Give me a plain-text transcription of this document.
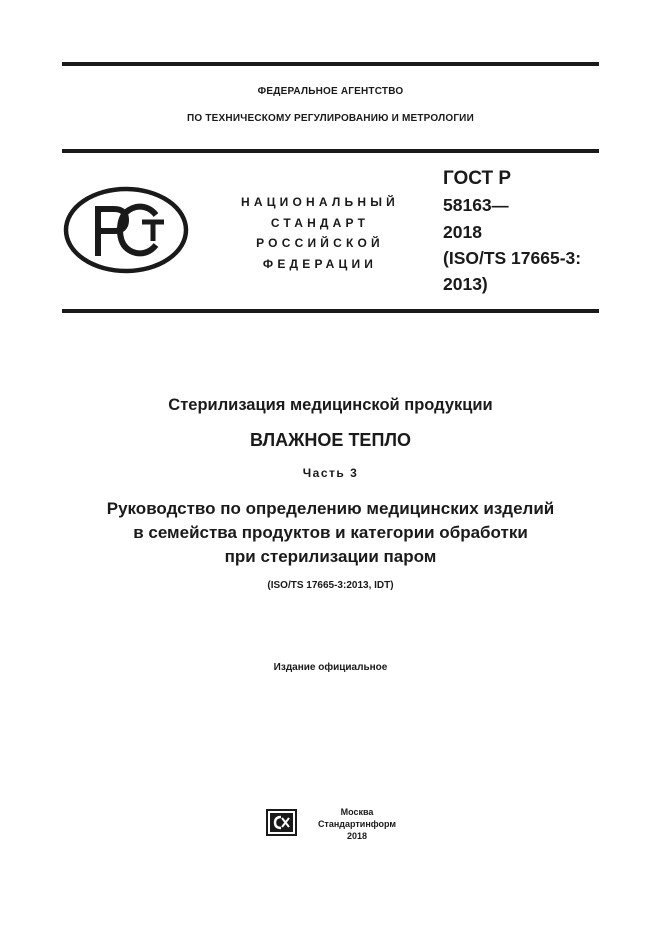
ФЕДЕРАЛЬНОЕ АГЕНТСТВО
ПО ТЕХНИЧЕСКОМУ РЕГУЛИРОВАНИЮ И МЕТРОЛОГИИ
НАЦИОНАЛЬНЫЙ
СТАНДАРТ
РОССИЙСКОЙ
ФЕДЕРАЦИИ
ГОСТ Р
58163—
2018
(ISO/TS 17665-3:
2013)
Стерилизация медицинской продукции
ВЛАЖНОЕ ТЕПЛО
Часть 3
Руководство по определению медицинских изделий
в семейства продуктов и категории обработки
при стерилизации паром
(ISO/TS 17665-3:2013, IDT)
Издание официальное
Москва
Стандартинформ
2018
